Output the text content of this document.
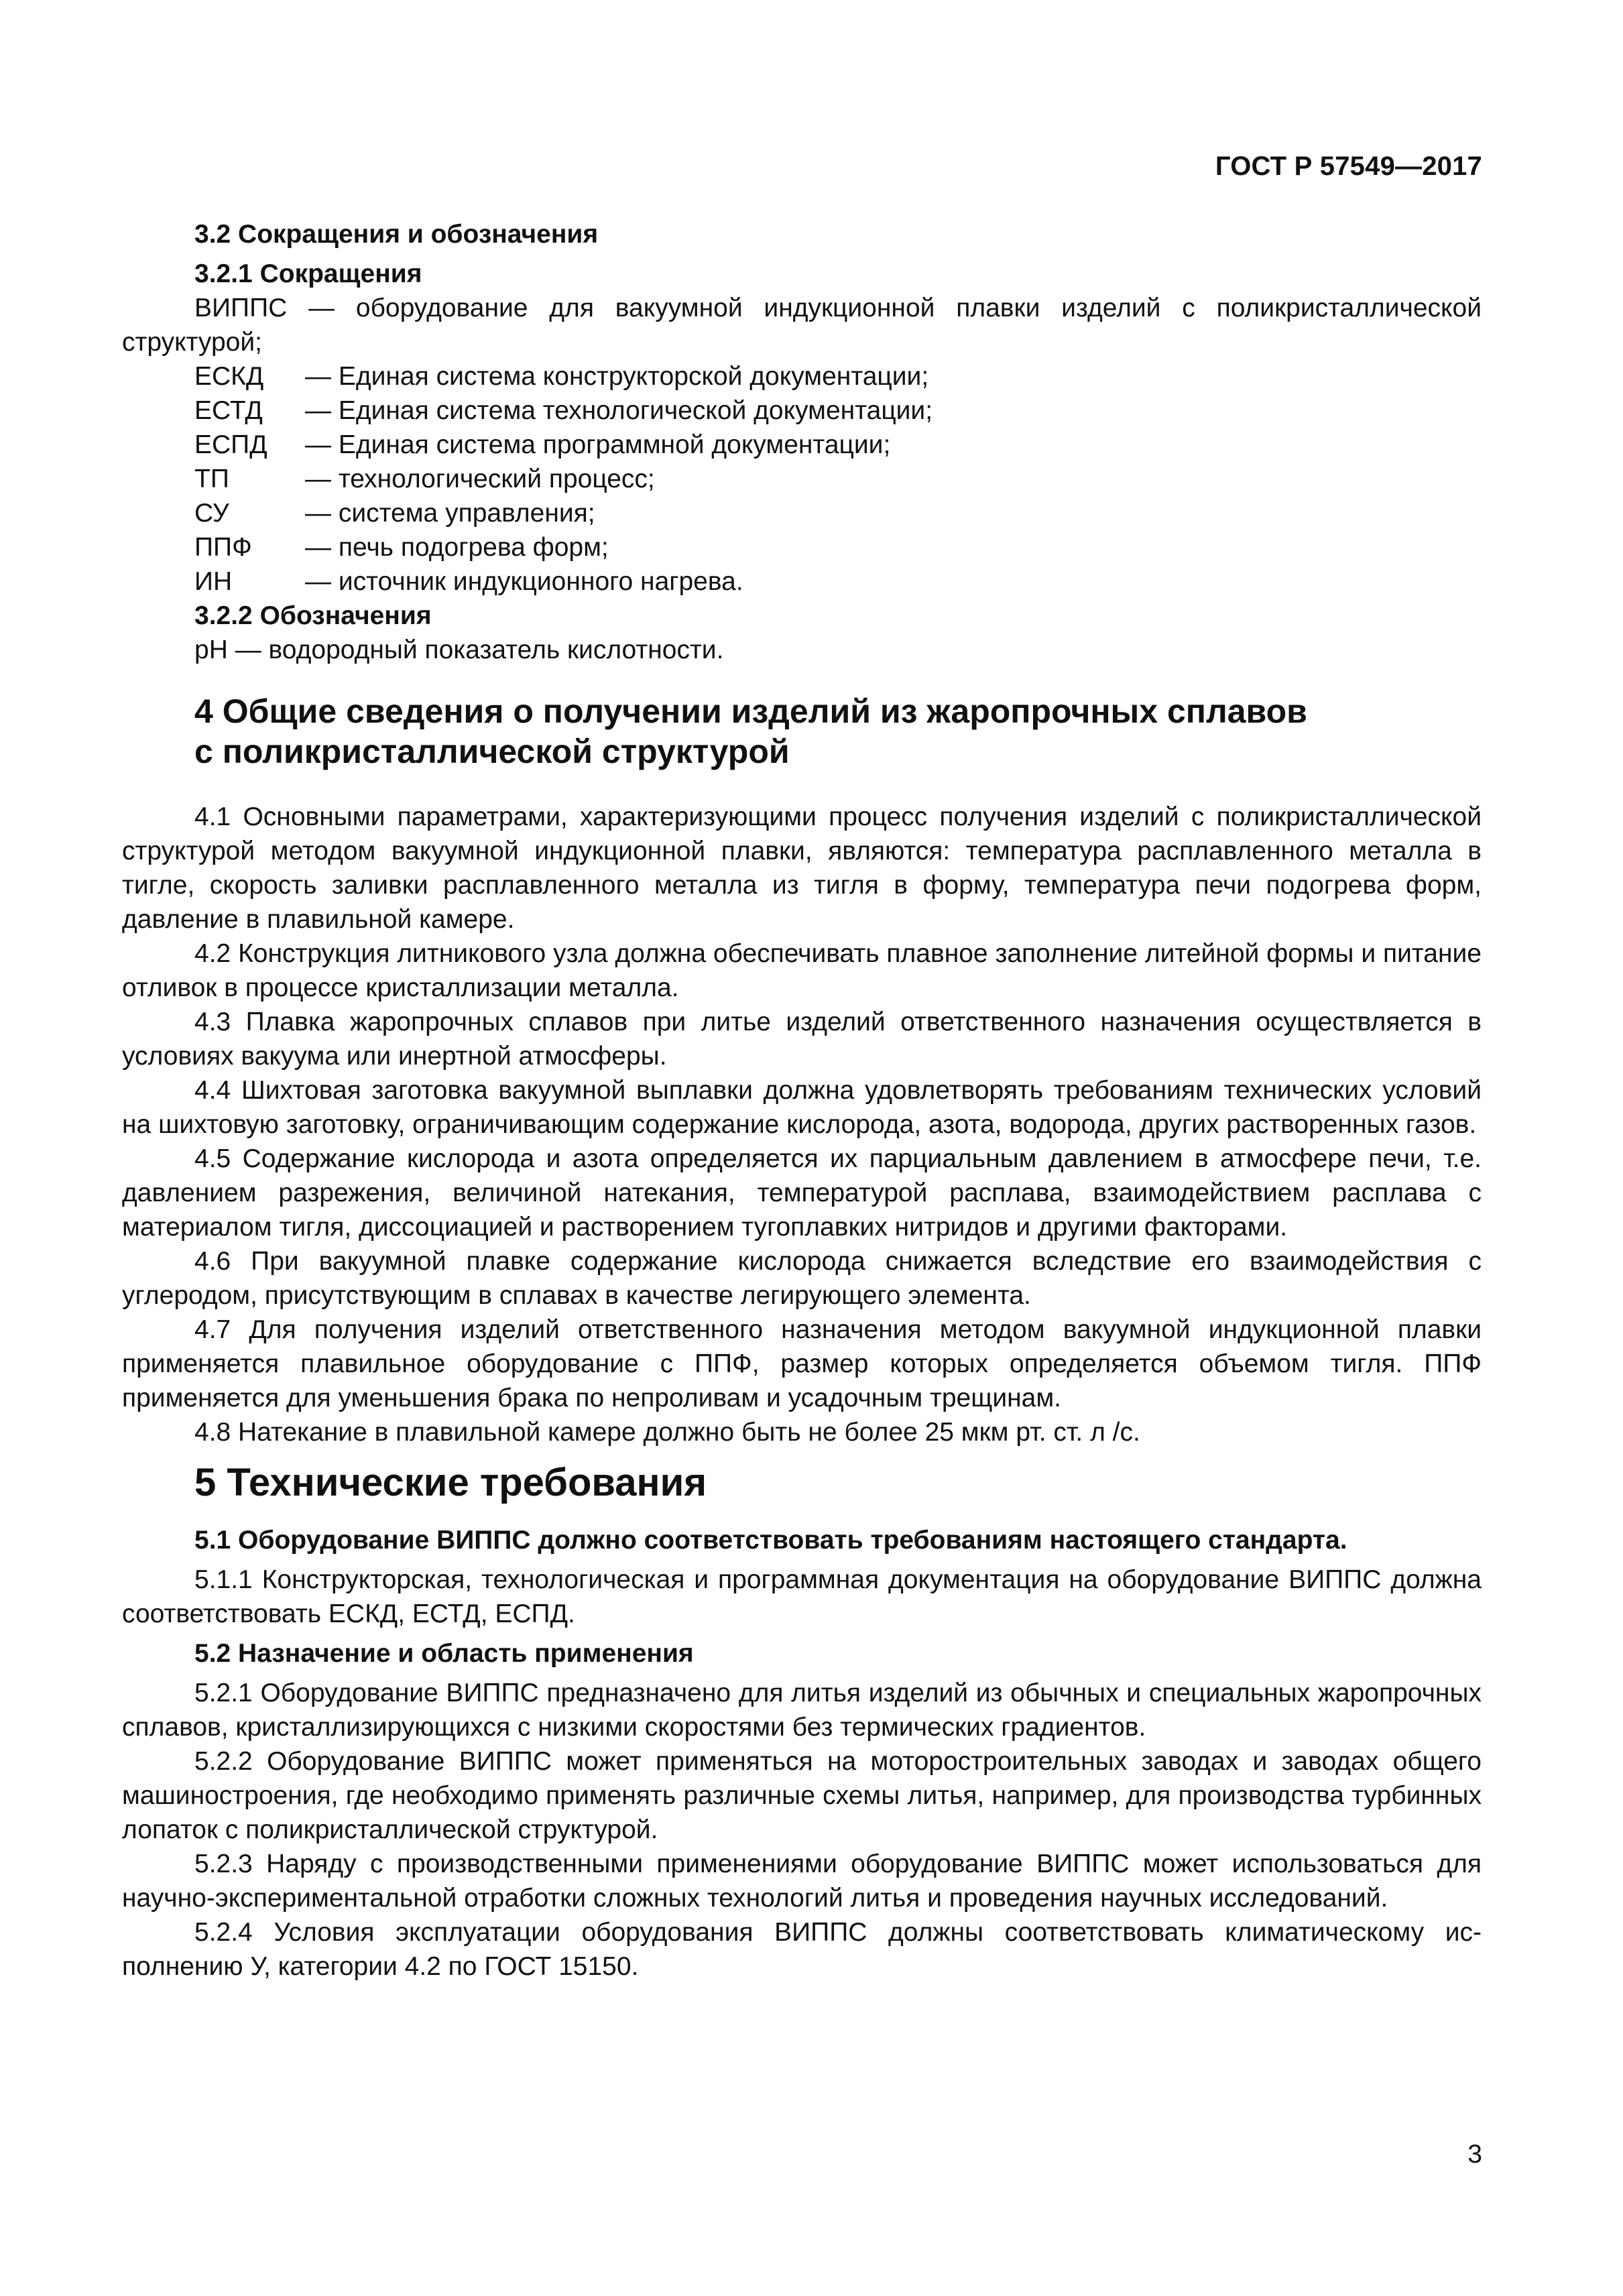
ГОСТ Р 57549—2017

3.2 Сокращения и обозначения

3.2.1 Сокращения

ВИППС — оборудование для вакуумной индукционной плавки изделий с поликристаллической структурой;

ЕСКД	— Единая система конструкторской документации;
ЕСТД	— Единая система технологической документации;
ЕСПД	— Единая система программной документации;
ТП	— технологический процесс;
СУ	— система управления;
ППФ	— печь подогрева форм;
ИН	— источник индукционного нагрева.

3.2.2 Обозначения

pH — водородный показатель кислотности.

4 Общие сведения о получении изделий из жаропрочных сплавов
с поликристаллической структурой

4.1 Основными параметрами, характеризующими процесс получения изделий с поликристаллической структурой методом вакуумной индукционной плавки, являются: температура расплавленного металла в тигле, скорость заливки расплавленного металла из тигля в форму, температура печи подогрева форм, давление в плавильной камере.

4.2 Конструкция литникового узла должна обеспечивать плавное заполнение литейной формы и питание отливок в процессе кристаллизации металла.

4.3 Плавка жаропрочных сплавов при литье изделий ответственного назначения осуществляется в условиях вакуума или инертной атмосферы.

4.4 Шихтовая заготовка вакуумной выплавки должна удовлетворять требованиям технических условий на шихтовую заготовку, ограничивающим содержание кислорода, азота, водорода, других растворенных газов.

4.5 Содержание кислорода и азота определяется их парциальным давлением в атмосфере печи, т.е. давлением разрежения, величиной натекания, температурой расплава, взаимодействием расплава с материалом тигля, диссоциацией и растворением тугоплавких нитридов и другими факторами.

4.6 При вакуумной плавке содержание кислорода снижается вследствие его взаимодействия с углеродом, присутствующим в сплавах в качестве легирующего элемента.

4.7 Для получения изделий ответственного назначения методом вакуумной индукционной плавки применяется плавильное оборудование с ППФ, размер которых определяется объемом тигля. ППФ применяется для уменьшения брака по непроливам и усадочным трещинам.

4.8 Натекание в плавильной камере должно быть не более 25 мкм рт. ст. л /с.

5 Технические требования

5.1 Оборудование ВИППС должно соответствовать требованиям настоящего стандарта.

5.1.1 Конструкторская, технологическая и программная документация на оборудование ВИППС должна соответствовать ЕСКД, ЕСТД, ЕСПД.

5.2 Назначение и область применения

5.2.1 Оборудование ВИППС предназначено для литья изделий из обычных и специальных жаропрочных сплавов, кристаллизирующихся с низкими скоростями без термических градиентов.

5.2.2 Оборудование ВИППС может применяться на моторостроительных заводах и заводах общего машиностроения, где необходимо применять различные схемы литья, например, для производства турбинных лопаток с поликристаллической структурой.

5.2.3 Наряду с производственными применениями оборудование ВИППС может использоваться для научно-экспериментальной отработки сложных технологий литья и проведения научных исследований.

5.2.4 Условия эксплуатации оборудования ВИППС должны соответствовать климатическому исполнению У, категории 4.2 по ГОСТ 15150.

3
